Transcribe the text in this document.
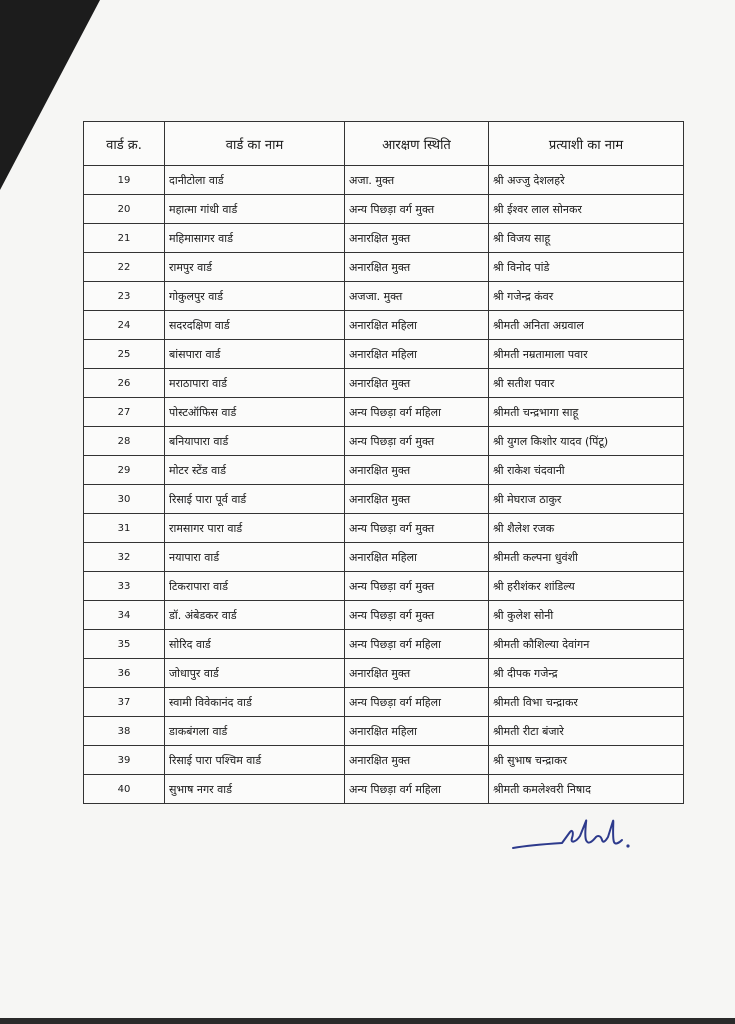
वार्ड क्र.	वार्ड का नाम	आरक्षण स्थिति	प्रत्याशी का नाम
19	दानीटोला वार्ड	अजा. मुक्त	श्री अज्जु देशलहरे
20	महात्मा गांधी वार्ड	अन्य पिछड़ा वर्ग मुक्त	श्री ईश्वर लाल सोनकर
21	महिमासागर वार्ड	अनारक्षित मुक्त	श्री विजय साहू
22	रामपुर वार्ड	अनारक्षित मुक्त	श्री विनोद पांडे
23	गोकुलपुर वार्ड	अजजा. मुक्त	श्री गजेन्द्र कंवर
24	सदरदक्षिण वार्ड	अनारक्षित महिला	श्रीमती अनिता अग्रवाल
25	बांसपारा वार्ड	अनारक्षित महिला	श्रीमती नम्रतामाला पवार
26	मराठापारा वार्ड	अनारक्षित मुक्त	श्री सतीश पवार
27	पोस्टऑफिस वार्ड	अन्य पिछड़ा वर्ग महिला	श्रीमती चन्द्रभागा साहू
28	बनियापारा वार्ड	अन्य पिछड़ा वर्ग मुक्त	श्री युगल किशोर यादव (पिंटू)
29	मोटर स्टेंड वार्ड	अनारक्षित मुक्त	श्री राकेश चंदवानी
30	रिसाई पारा पूर्व वार्ड	अनारक्षित मुक्त	श्री मेघराज ठाकुर
31	रामसागर पारा वार्ड	अन्य पिछड़ा वर्ग मुक्त	श्री शैलेश रजक
32	नयापारा वार्ड	अनारक्षित महिला	श्रीमती कल्पना धुवंशी
33	टिकरापारा वार्ड	अन्य पिछड़ा वर्ग मुक्त	श्री हरीशंकर शांडिल्य
34	डॉ. अंबेडकर वार्ड	अन्य पिछड़ा वर्ग मुक्त	श्री कुलेश सोनी
35	सोरिद वार्ड	अन्य पिछड़ा वर्ग महिला	श्रीमती कौशिल्या देवांगन
36	जोधापुर वार्ड	अनारक्षित मुक्त	श्री दीपक गजेन्द्र
37	स्वामी विवेकानंद वार्ड	अन्य पिछड़ा वर्ग महिला	श्रीमती विभा चन्द्राकर
38	डाकबंगला वार्ड	अनारक्षित महिला	श्रीमती रीटा बंजारे
39	रिसाई पारा पश्चिम वार्ड	अनारक्षित मुक्त	श्री सुभाष चन्द्राकर
40	सुभाष नगर वार्ड	अन्य पिछड़ा वर्ग महिला	श्रीमती कमलेश्वरी निषाद
